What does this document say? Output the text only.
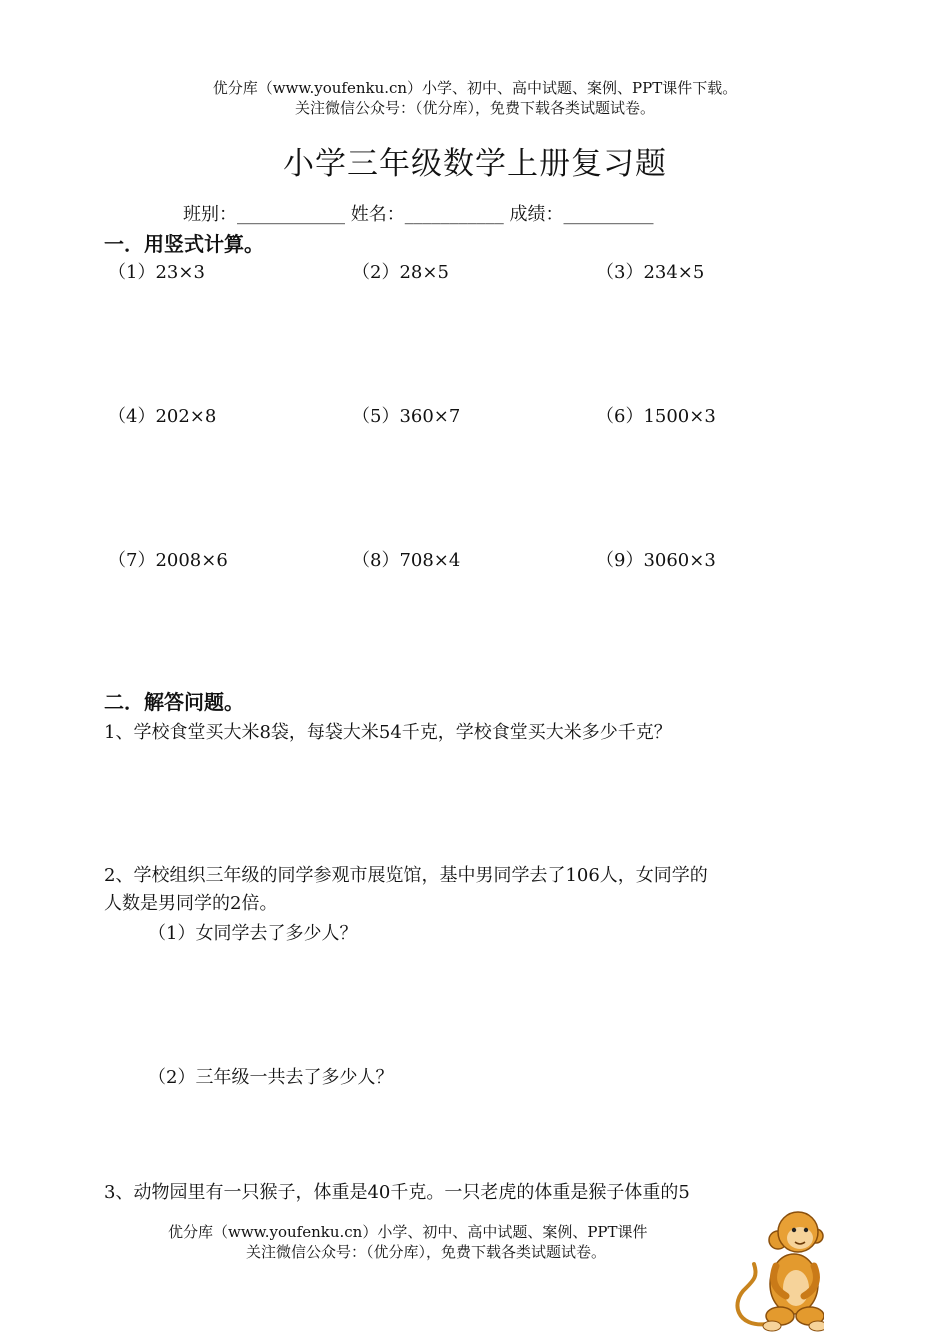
优分库（www.youfenku.cn）小学、初中、高中试题、案例、PPT课件下载。
关注微信公众号：（优分库），免费下载各类试题试卷。
小学三年级数学上册复习题
班别：____________ 姓名：___________ 成绩：__________
一．用竖式计算。
（1）23×3	（2）28×5	（3）234×5
（4）202×8	（5）360×7	（6）1500×3
（7）2008×6	（8）708×4	（9）3060×3
二．解答问题。
1、学校食堂买大米8袋，每袋大米54千克，学校食堂买大米多少千克？
2、学校组织三年级的同学参观市展览馆，基中男同学去了106人，女同学的
人数是男同学的2倍。
（1）女同学去了多少人？
（2）三年级一共去了多少人？
3、动物园里有一只猴子，体重是40千克。一只老虎的体重是猴子体重的5
优分库（www.youfenku.cn）小学、初中、高中试题、案例、PPT课件
关注微信公众号：（优分库），免费下载各类试题试卷。
